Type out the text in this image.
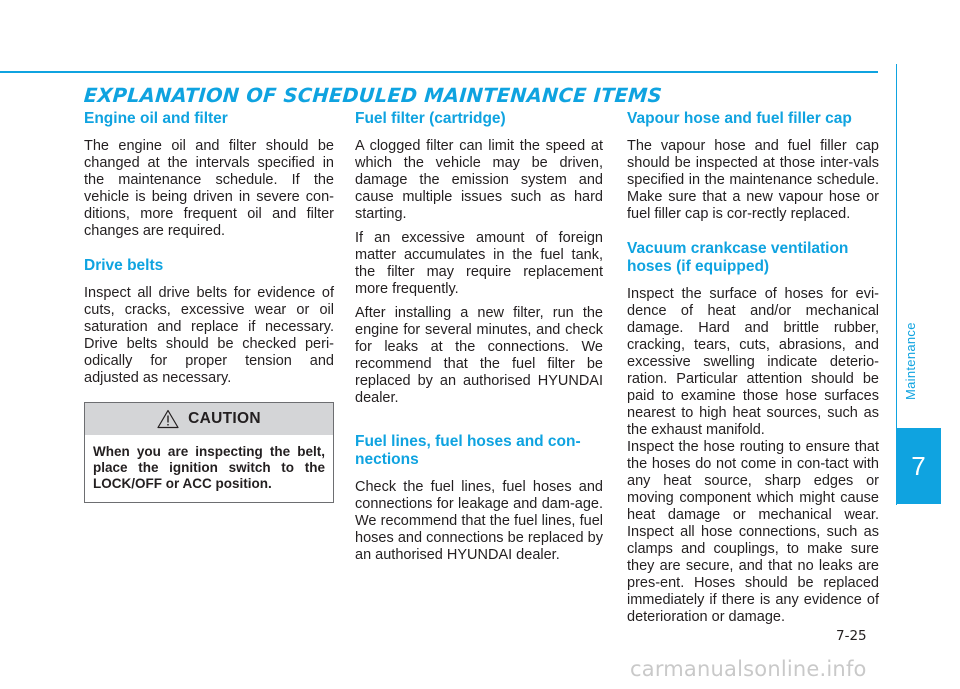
EXPLANATION OF SCHEDULED MAINTENANCE ITEMS
Engine oil and filter

The engine oil and filter should be changed at the intervals specified in the maintenance schedule. If the vehicle is being driven in severe con-ditions, more frequent oil and filter changes are required.

Drive belts

Inspect all drive belts for evidence of cuts, cracks, excessive wear or oil saturation and replace if necessary. Drive belts should be checked peri-odically for proper tension and adjusted as necessary.

CAUTION
When you are inspecting the belt, place the ignition switch to the LOCK/OFF or ACC position.
Fuel filter (cartridge)

A clogged filter can limit the speed at which the vehicle may be driven, damage the emission system and cause multiple issues such as hard starting.

If an excessive amount of foreign matter accumulates in the fuel tank, the filter may require replacement more frequently.

After installing a new filter, run the engine for several minutes, and check for leaks at the connections. We recommend that the fuel filter be replaced by an authorised HYUNDAI dealer.

Fuel lines, fuel hoses and con-nections

Check the fuel lines, fuel hoses and connections for leakage and dam-age. We recommend that the fuel lines, fuel hoses and connections be replaced by an authorised HYUNDAI dealer.

Vapour hose and fuel filler cap

The vapour hose and fuel filler cap should be inspected at those inter-vals specified in the maintenance schedule. Make sure that a new vapour hose or fuel filler cap is cor-rectly replaced.

Vacuum crankcase ventilation hoses (if equipped)

Inspect the surface of hoses for evi-dence of heat and/or mechanical damage. Hard and brittle rubber, cracking, tears, cuts, abrasions, and excessive swelling indicate deterio-ration. Particular attention should be paid to examine those hose surfaces nearest to high heat sources, such as the exhaust manifold.

Inspect the hose routing to ensure that the hoses do not come in con-tact with any heat source, sharp edges or moving component which might cause heat damage or mechanical wear. Inspect all hose connections, such as clamps and couplings, to make sure they are secure, and that no leaks are pres-ent. Hoses should be replaced immediately if there is any evidence of deterioration or damage.

Maintenance
7
7-25
carmanualsonline.info
